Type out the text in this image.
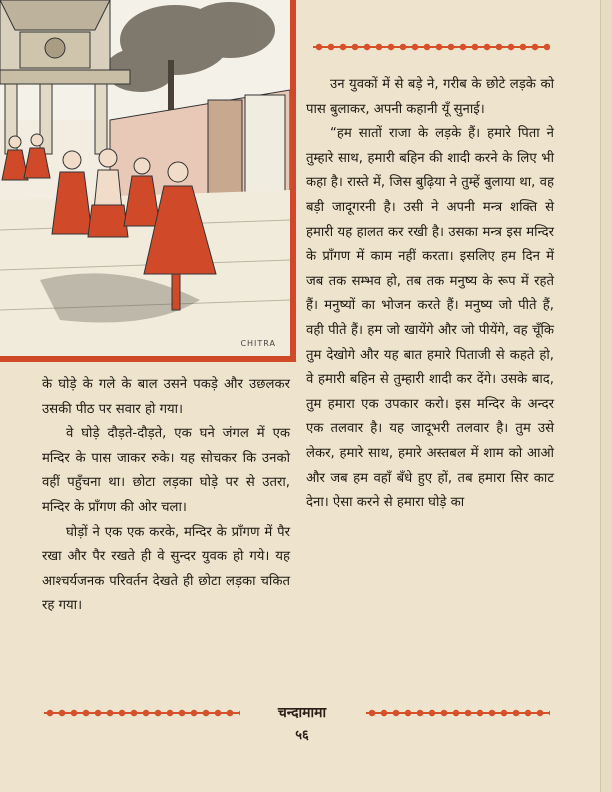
CHITRA

उन युवकों में से बड़े ने, गरीब के छोटे लड़के को पास बुलाकर, अपनी कहानी यूँ सुनाई।

“हम सातों राजा के लड़के हैं। हमारे पिता ने तुम्हारे साथ, हमारी बहिन की शादी करने के लिए भी कहा है। रास्ते में, जिस बुढ़िया ने तुम्हें बुलाया था, वह बड़ी जादूगरनी है। उसी ने अपनी मन्त्र शक्ति से हमारी यह हालत कर रखी है। उसका मन्त्र इस मन्दिर के प्राँगण में काम नहीं करता। इसलिए हम दिन में जब तक सम्भव हो, तब तक मनुष्य के रूप में रहते हैं। मनुष्यों का भोजन करते हैं। मनुष्य जो पीते हैं, वही पीते हैं। हम जो खायेंगे और जो पीयेंगे, वह चूँकि तुम देखोगे और यह बात हमारे पिताजी से कहते हो, वे हमारी बहिन से तुम्हारी शादी कर देंगे। उसके बाद, तुम हमारा एक उपकार करो। इस मन्दिर के अन्दर एक तलवार है। यह जादूभरी तलवार है। तुम उसे लेकर, हमारे साथ, हमारे अस्तबल में शाम को आओ और जब हम वहाँ बँधे हुए हों, तब हमारा सिर काट देना। ऐसा करने से हमारा घोड़े का

के घोड़े के गले के बाल उसने पकड़े और उछलकर उसकी पीठ पर सवार हो गया।

वे घोड़े दौड़ते-दौड़ते, एक घने जंगल में एक मन्दिर के पास जाकर रुके। यह सोचकर कि उनको वहीं पहुँचना था। छोटा लड़का घोड़े पर से उतरा, मन्दिर के प्राँगण की ओर चला।

घोड़ों ने एक एक करके, मन्दिर के प्राँगण में पैर रखा और पैर रखते ही वे सुन्दर युवक हो गये। यह आश्चर्यजनक परिवर्तन देखते ही छोटा लड़का चकित रह गया।

चन्दामामा
५६
